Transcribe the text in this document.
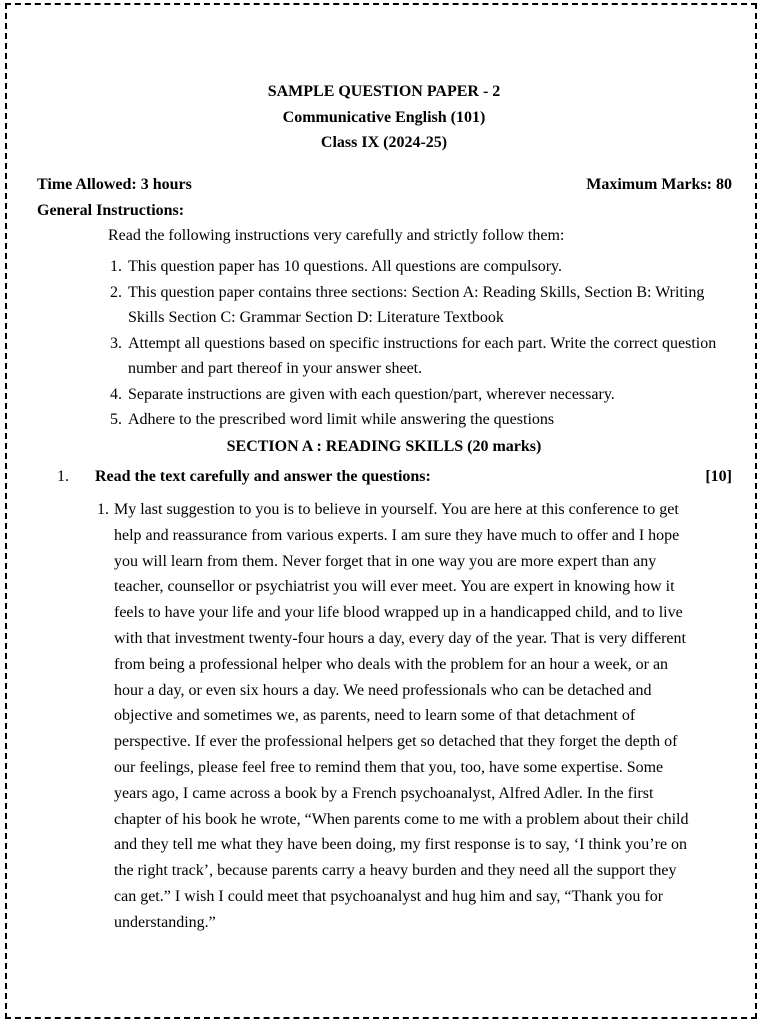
SAMPLE QUESTION PAPER - 2
Communicative English (101)
Class IX (2024-25)
Time Allowed: 3 hours	Maximum Marks: 80
General Instructions:
Read the following instructions very carefully and strictly follow them:
1. This question paper has 10 questions. All questions are compulsory.
2. This question paper contains three sections: Section A: Reading Skills, Section B: Writing Skills Section C: Grammar Section D: Literature Textbook
3. Attempt all questions based on specific instructions for each part. Write the correct question number and part thereof in your answer sheet.
4. Separate instructions are given with each question/part, wherever necessary.
5. Adhere to the prescribed word limit while answering the questions
SECTION A : READING SKILLS (20 marks)
1. Read the text carefully and answer the questions:	[10]
1. My last suggestion to you is to believe in yourself. You are here at this conference to get help and reassurance from various experts. I am sure they have much to offer and I hope you will learn from them. Never forget that in one way you are more expert than any teacher, counsellor or psychiatrist you will ever meet. You are expert in knowing how it feels to have your life and your life blood wrapped up in a handicapped child, and to live with that investment twenty-four hours a day, every day of the year. That is very different from being a professional helper who deals with the problem for an hour a week, or an hour a day, or even six hours a day. We need professionals who can be detached and objective and sometimes we, as parents, need to learn some of that detachment of perspective. If ever the professional helpers get so detached that they forget the depth of our feelings, please feel free to remind them that you, too, have some expertise. Some years ago, I came across a book by a French psychoanalyst, Alfred Adler. In the first chapter of his book he wrote, “When parents come to me with a problem about their child and they tell me what they have been doing, my first response is to say, ‘I think you’re on the right track’, because parents carry a heavy burden and they need all the support they can get.” I wish I could meet that psychoanalyst and hug him and say, “Thank you for understanding.”
